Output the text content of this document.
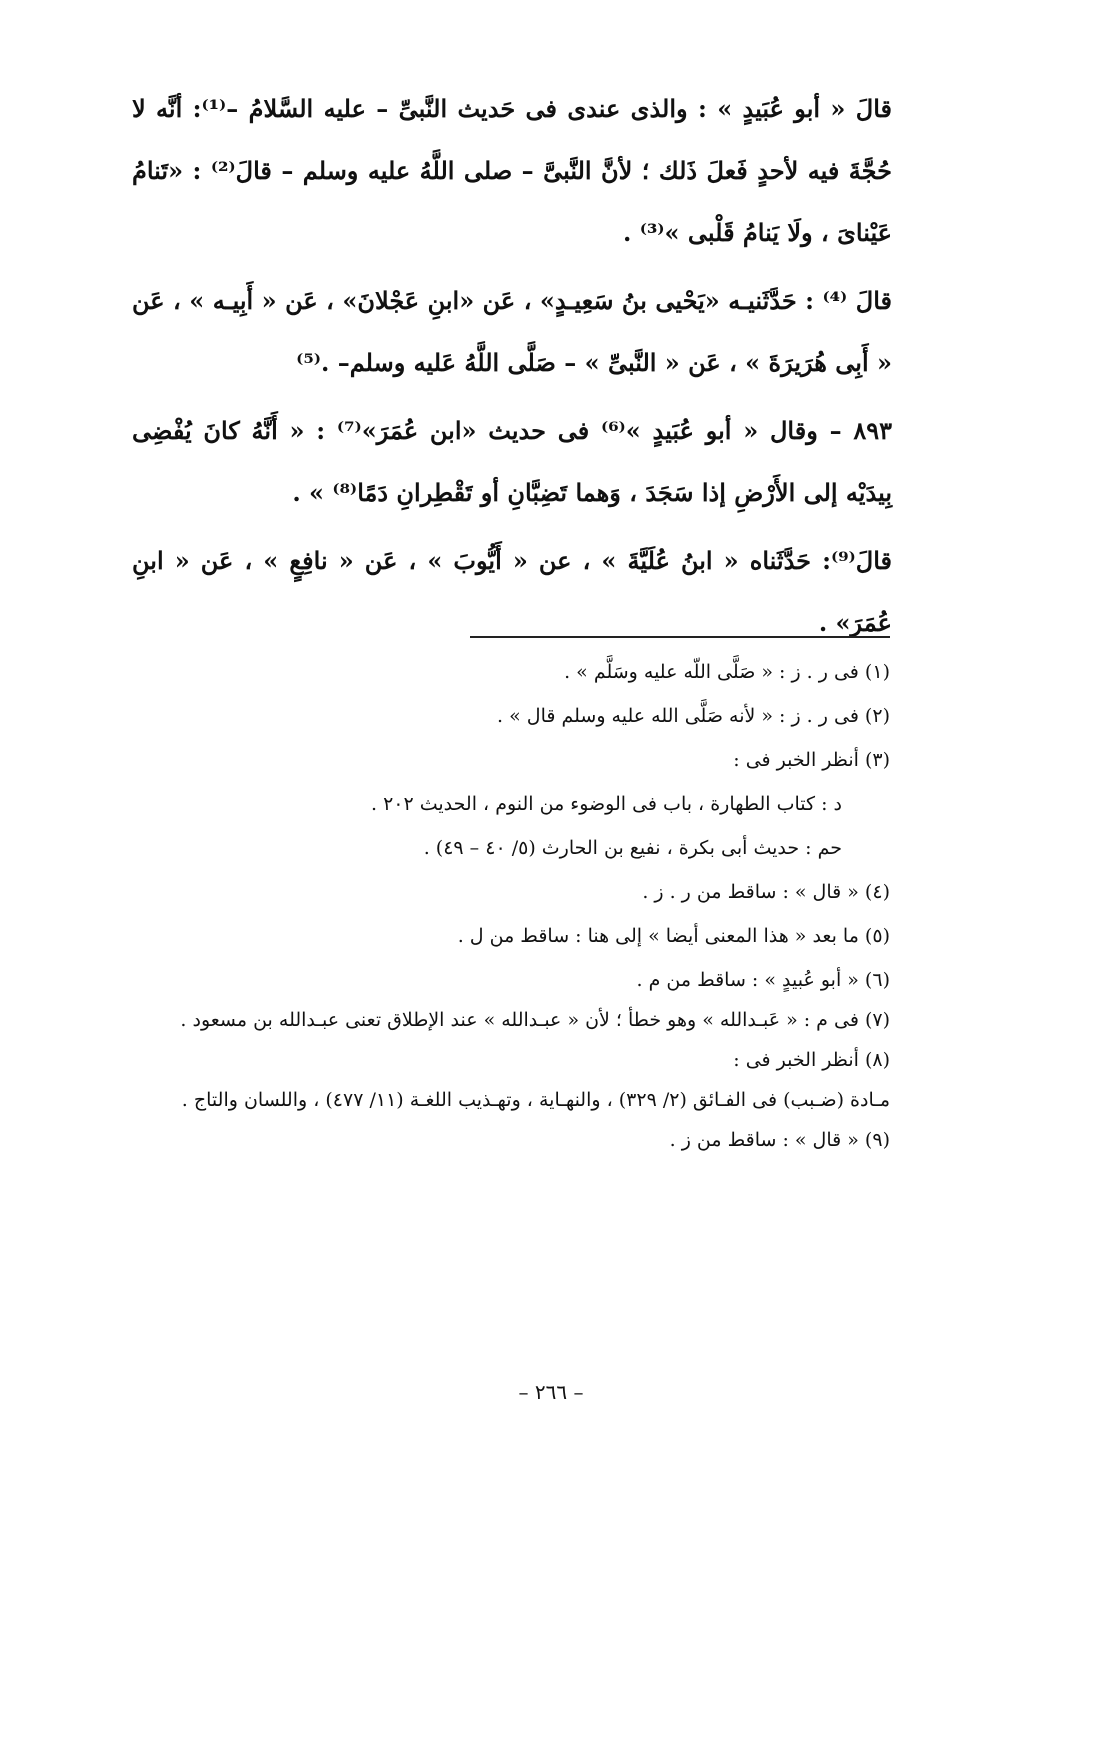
قالَ « أبو عُبَيدٍ » : والذى عندى فى حَديث النَّبىِّ – عليه السَّلامُ –⁽¹⁾: أنَّه لا حُجَّةَ فيه لأحدٍ فَعلَ ذَلك ؛ لأنَّ النَّبىَّ – صلى اللَّهُ عليه وسلم – قالَ⁽²⁾ : «تَنامُ عَيْناىَ ، ولَا يَنامُ قَلْبى »⁽³⁾ .

قالَ ⁽⁴⁾ : حَدَّثَنيـه «يَحْيى بنُ سَعِيـدٍ» ، عَن «ابنِ عَجْلانَ» ، عَن « أَبِيـه » ، عَن « أَبِى هُرَيرَةَ » ، عَن « النَّبىِّ » – صَلَّى اللَّهُ عَليه وسلم– .⁽⁵⁾

٨٩٣ – وقال « أبو عُبَيدٍ »⁽⁶⁾ فى حديث «ابن عُمَرَ»⁽⁷⁾ : « أَنَّهُ كانَ يُفْضِى بِيدَيْه إلى الأَرْضِ إذا سَجَدَ ، وَهما تَضِبَّانِ أو تَقْطِرانِ دَمًا⁽⁸⁾ » .

قالَ⁽⁹⁾: حَدَّثَناه « ابنُ عُلَيَّةَ » ، عن « أَيُّوبَ » ، عَن « نافِعٍ » ، عَن « ابنِ عُمَرَ» .

(١) فى ر . ز : « صَلَّى اللّه عليه وسَلَّم » .

(٢) فى ر . ز : « لأنه صَلَّى الله عليه وسلم قال » .

(٣) أنظر الخبر فى :

د : كتاب الطهارة ، باب فى الوضوء من النوم ، الحديث ٢٠٢ .

حم : حديث أبى بكرة ، نفيع بن الحارث (٥/ ٤٠ – ٤٩) .

(٤) « قال » : ساقط من ر . ز .

(٥) ما بعد « هذا المعنى أيضا » إلى هنا : ساقط من ل .

(٦) « أبو عُبيدٍ » : ساقط من م .

(٧) فى م : « عَبـدالله » وهو خطأ ؛ لأن « عبـدالله » عند الإطلاق تعنى عبـدالله بن مسعود .

(٨) أنظر الخبر فى :

مـادة (ضـبب) فى الفـائق (٢/ ٣٢٩) ، والنهـاية ، وتهـذيب اللغـة (١١/ ٤٧٧) ، واللسان والتاج .

(٩) « قال » : ساقط من ز .

– ٢٦٦ –
